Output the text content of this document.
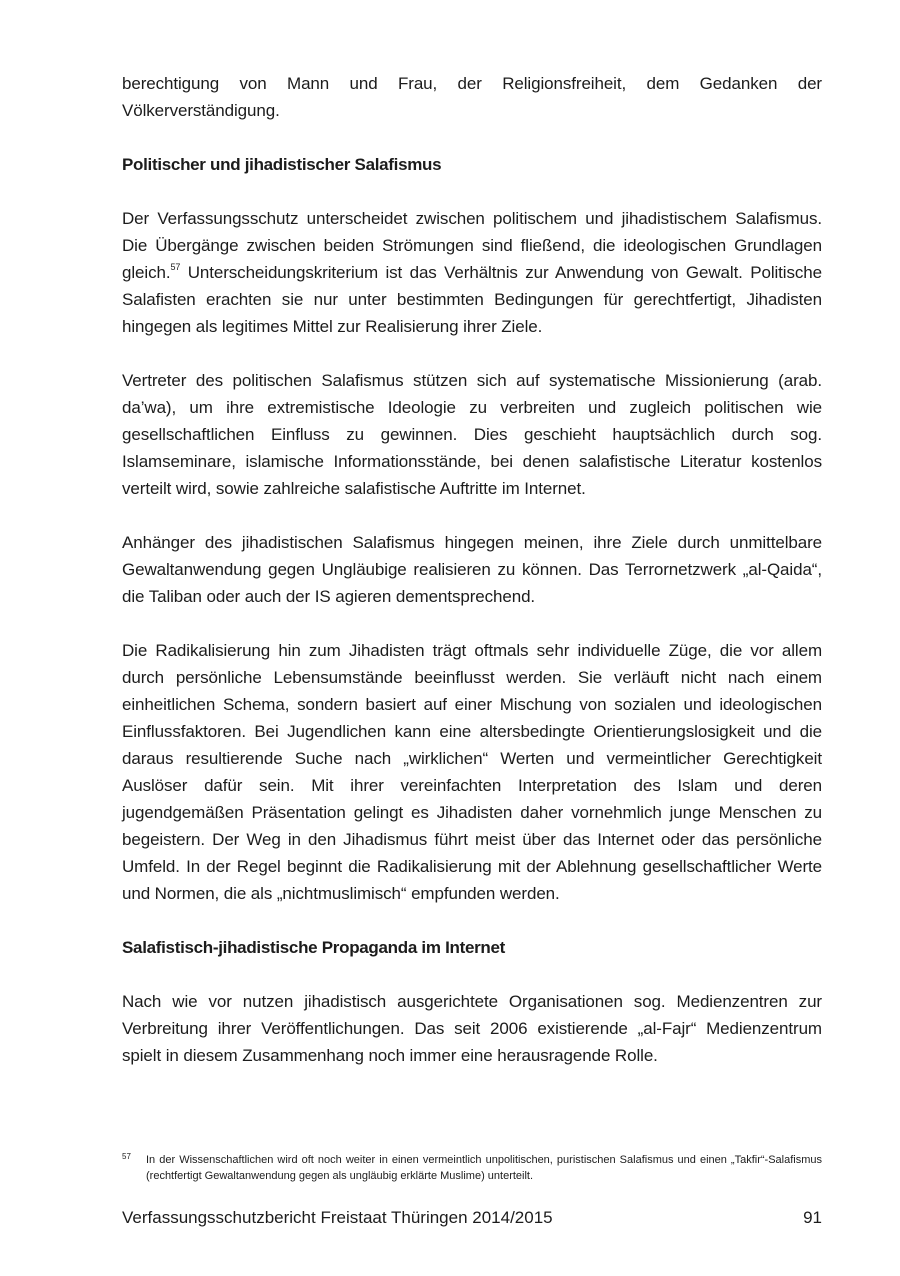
berechtigung von Mann und Frau, der Religionsfreiheit, dem Gedanken der Völkerverständigung.

Politischer und jihadistischer Salafismus

Der Verfassungsschutz unterscheidet zwischen politischem und jihadistischem Salafismus. Die Übergänge zwischen beiden Strömungen sind fließend, die ideologischen Grundlagen gleich.$^{57}$ Unterscheidungskriterium ist das Verhältnis zur Anwendung von Gewalt. Politische Salafisten erachten sie nur unter bestimmten Bedingungen für gerechtfertigt, Jihadisten hingegen als legitimes Mittel zur Realisierung ihrer Ziele.

Vertreter des politischen Salafismus stützen sich auf systematische Missionierung (arab. da’wa), um ihre extremistische Ideologie zu verbreiten und zugleich politischen wie gesellschaftlichen Einfluss zu gewinnen. Dies geschieht hauptsächlich durch sog. Islamseminare, islamische Informationsstände, bei denen salafistische Literatur kostenlos verteilt wird, sowie zahlreiche salafistische Auftritte im Internet.

Anhänger des jihadistischen Salafismus hingegen meinen, ihre Ziele durch unmittelbare Gewaltanwendung gegen Ungläubige realisieren zu können. Das Terrornetzwerk „al-Qaida“, die Taliban oder auch der IS agieren dementsprechend.

Die Radikalisierung hin zum Jihadisten trägt oftmals sehr individuelle Züge, die vor allem durch persönliche Lebensumstände beeinflusst werden. Sie verläuft nicht nach einem einheitlichen Schema, sondern basiert auf einer Mischung von sozialen und ideologischen Einflussfaktoren. Bei Jugendlichen kann eine altersbedingte Orientierungslosigkeit und die daraus resultierende Suche nach „wirklichen“ Werten und vermeintlicher Gerechtigkeit Auslöser dafür sein. Mit ihrer vereinfachten Interpretation des Islam und deren jugendgemäßen Präsentation gelingt es Jihadisten daher vornehmlich junge Menschen zu begeistern. Der Weg in den Jihadismus führt meist über das Internet oder das persönliche Umfeld. In der Regel beginnt die Radikalisierung mit der Ablehnung gesellschaftlicher Werte und Normen, die als „nichtmuslimisch“ empfunden werden.

Salafistisch-jihadistische Propaganda im Internet

Nach wie vor nutzen jihadistisch ausgerichtete Organisationen sog. Medienzentren zur Verbreitung ihrer Veröffentlichungen. Das seit 2006 existierende „al-Fajr“ Medienzentrum spielt in diesem Zusammenhang noch immer eine herausragende Rolle.

57	In der Wissenschaftlichen wird oft noch weiter in einen vermeintlich unpolitischen, puristischen Salafismus und einen „Takfir“-Salafismus (rechtfertigt Gewaltanwendung gegen als ungläubig erklärte Muslime) unterteilt.
Verfassungsschutzbericht Freistaat Thüringen 2014/2015	91
